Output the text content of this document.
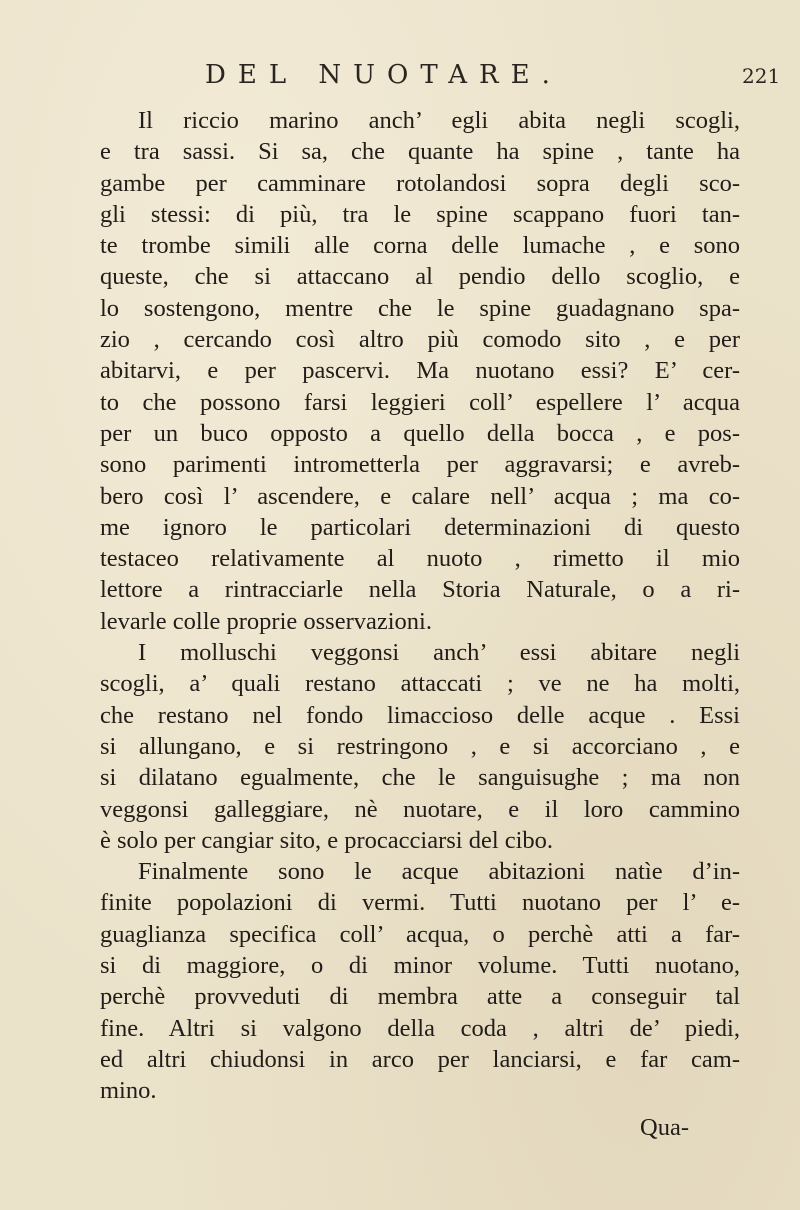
DEL NUOTARE.	221
Il riccio marino anch’ egli abita negli scogli,
e tra sassi. Si sa, che quante ha spine , tante ha
gambe per camminare rotolandosi sopra degli sco-
gli stessi: di più, tra le spine scappano fuori tan-
te trombe simili alle corna delle lumache , e sono
queste, che si attaccano al pendio dello scoglio, e
lo sostengono, mentre che le spine guadagnano spa-
zio , cercando così altro più comodo sito , e per
abitarvi, e per pascervi. Ma nuotano essi? E’ cer-
to che possono farsi leggieri coll’ espellere l’ acqua
per un buco opposto a quello della bocca , e pos-
sono parimenti intrometterla per aggravarsi; e avreb-
bero così l’ ascendere, e calare nell’ acqua ; ma co-
me ignoro le particolari determinazioni di questo
testaceo relativamente al nuoto , rimetto il mio
lettore a rintracciarle nella Storia Naturale, o a ri-
levarle colle proprie osservazioni.
I molluschi veggonsi anch’ essi abitare negli
scogli, a’ quali restano attaccati ; ve ne ha molti,
che restano nel fondo limaccioso delle acque . Essi
si allungano, e si restringono , e si accorciano , e
si dilatano egualmente, che le sanguisughe ; ma non
veggonsi galleggiare, nè nuotare, e il loro cammino
è solo per cangiar sito, e procacciarsi del cibo.
Finalmente sono le acque abitazioni natìe d’in-
finite popolazioni di vermi. Tutti nuotano per l’ e-
guaglianza specifica coll’ acqua, o perchè atti a far-
si di maggiore, o di minor volume. Tutti nuotano,
perchè provveduti di membra atte a conseguir tal
fine. Altri si valgono della coda , altri de’ piedi,
ed altri chiudonsi in arco per lanciarsi, e far cam-
mino.
Qua-
